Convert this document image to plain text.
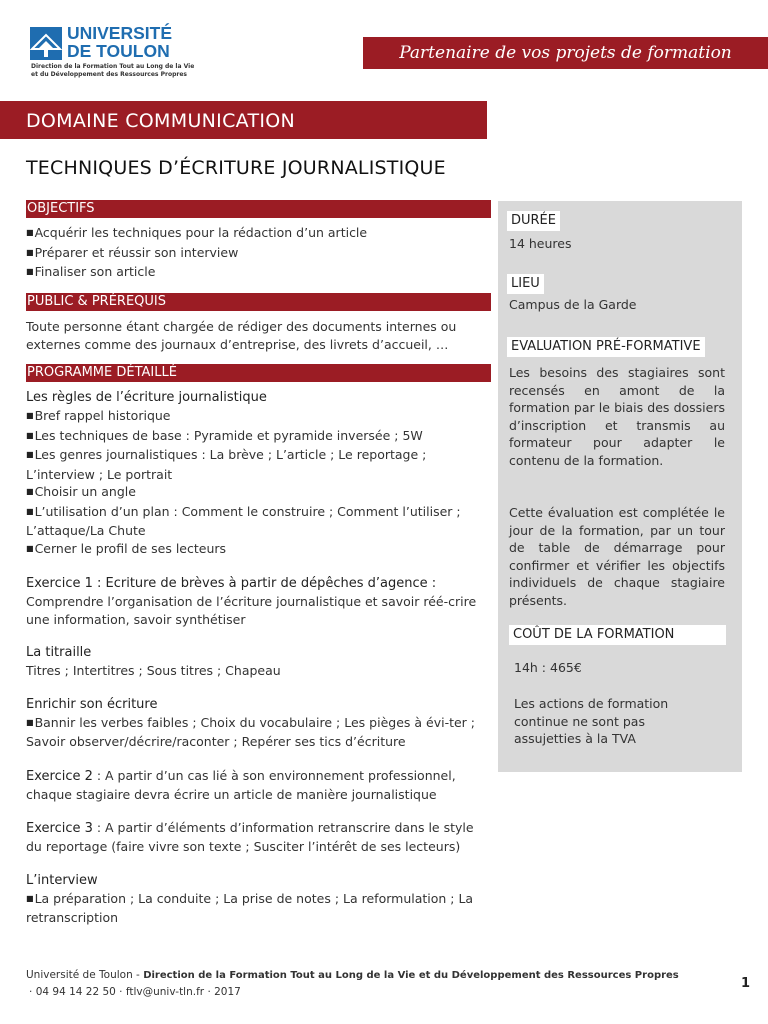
UNIVERSITÉ
DE TOULON
Direction de la Formation Tout au Long de la Vie
et du Développement des Ressources Propres
Partenaire de vos projets de formation
DOMAINE COMMUNICATION
TECHNIQUES D’ÉCRITURE JOURNALISTIQUE
OBJECTIFS
■ Acquérir les techniques pour la rédaction d’un article
■ Préparer et réussir son interview
■ Finaliser son article
PUBLIC & PRÉREQUIS
Toute personne étant chargée de rédiger des documents internes ou externes comme des journaux d’entreprise, des livrets d’accueil, …
PROGRAMME DÉTAILLÉ
Les règles de l’écriture journalistique
■ Bref rappel historique
■ Les techniques de base : Pyramide et pyramide inversée ; 5W
■ Les genres journalistiques : La brève ; L’article ; Le reportage ; L’interview ; Le portrait
■ Choisir un angle
■ L’utilisation d’un plan : Comment le construire ; Comment l’utiliser ; L’attaque/La Chute
■ Cerner le profil de ses lecteurs
Exercice 1 : Ecriture de brèves à partir de dépêches d’agence :
Comprendre l’organisation de l’écriture journalistique et savoir réé-crire une information, savoir synthétiser
La titraille
Titres ; Intertitres ; Sous titres ; Chapeau
Enrichir son écriture
■ Bannir les verbes faibles ; Choix du vocabulaire ; Les pièges à évi-ter ; Savoir observer/décrire/raconter ; Repérer ses tics d’écriture
Exercice 2 : A partir d’un cas lié à son environnement professionnel, chaque stagiaire devra écrire un article de manière journalistique
Exercice 3 : A partir d’éléments d’information retranscrire dans le style du reportage (faire vivre son texte ; Susciter l’intérêt de ses lecteurs)
L’interview
■ La préparation ; La conduite ; La prise de notes ; La reformulation ; La retranscription
DURÉE
14 heures
LIEU
Campus de la Garde
EVALUATION PRÉ-FORMATIVE
Les besoins des stagiaires sont recensés en amont de la formation par le biais des dossiers d’inscription et transmis au formateur pour adapter le contenu de la formation.
Cette évaluation est complétée le jour de la formation, par un tour de table de démarrage pour confirmer et vérifier les objectifs individuels de chaque stagiaire présents.
COÛT DE LA FORMATION
14h : 465€
Les actions de formation continue ne sont pas assujetties à la TVA
Université de Toulon - Direction de la Formation Tout au Long de la Vie et du Développement des Ressources Propres
· 04 94 14 22 50 · ftlv@univ-tln.fr · 2017
1
